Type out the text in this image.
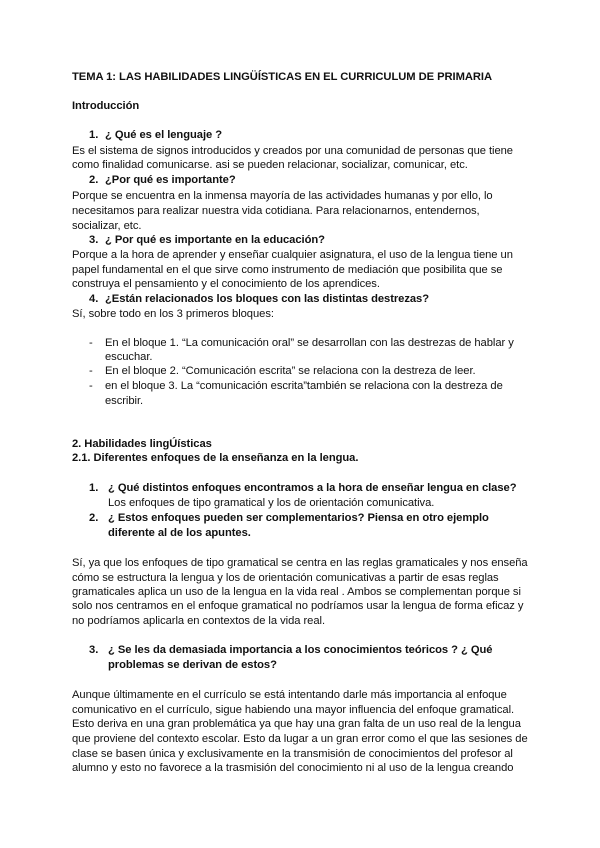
TEMA 1: LAS HABILIDADES LINGÜÍSTICAS EN EL CURRICULUM DE PRIMARIA
Introducción
1. ¿ Qué es el lenguaje ?
Es el sistema de signos introducidos y creados por una comunidad de personas que tiene
como finalidad comunicarse. asi se pueden relacionar, socializar, comunicar, etc.
2. ¿Por qué es importante?
Porque se encuentra en la inmensa mayoría de las actividades humanas y por ello, lo
necesitamos para realizar nuestra vida cotidiana. Para relacionarnos, entendernos,
socializar, etc.
3. ¿ Por qué es importante en la educación?
Porque a la hora de aprender y enseñar cualquier asignatura, el uso de la lengua tiene un
papel fundamental en el que sirve como instrumento de mediación que posibilita que se
construya el pensamiento y el conocimiento de los aprendices.
4. ¿Están relacionados los bloques con las distintas destrezas?
Sí, sobre todo en los 3 primeros bloques:
- En el bloque 1. “La comunicación oral” se desarrollan con las destrezas de hablar y
escuchar.
- En el bloque 2. “Comunicación escrita” se relaciona con la destreza de leer.
- en el bloque 3. La “comunicación escrita”también se relaciona con la destreza de
escribir.
2. Habilidades lingÚísticas
2.1. Diferentes enfoques de la enseñanza en la lengua.
1. ¿ Qué distintos enfoques encontramos a la hora de enseñar lengua en clase?
Los enfoques de tipo gramatical y los de orientación comunicativa.
2. ¿ Estos enfoques pueden ser complementarios? Piensa en otro ejemplo
diferente al de los apuntes.
Sí, ya que los enfoques de tipo gramatical se centra en las reglas gramaticales y nos enseña
cómo se estructura la lengua y los de orientación comunicativas a partir de esas reglas
gramaticales aplica un uso de la lengua en la vida real . Ambos se complementan porque si
solo nos centramos en el enfoque gramatical no podríamos usar la lengua de forma eficaz y
no podríamos aplicarla en contextos de la vida real.
3. ¿ Se les da demasiada importancia a los conocimientos teóricos ? ¿ Qué
problemas se derivan de estos?
Aunque últimamente en el currículo se está intentando darle más importancia al enfoque
comunicativo en el currículo, sigue habiendo una mayor influencia del enfoque gramatical.
Esto deriva en una gran problemática ya que hay una gran falta de un uso real de la lengua
que proviene del contexto escolar. Esto da lugar a un gran error como el que las sesiones de
clase se basen única y exclusivamente en la transmisión de conocimientos del profesor al
alumno y esto no favorece a la trasmisión del conocimiento ni al uso de la lengua creando
